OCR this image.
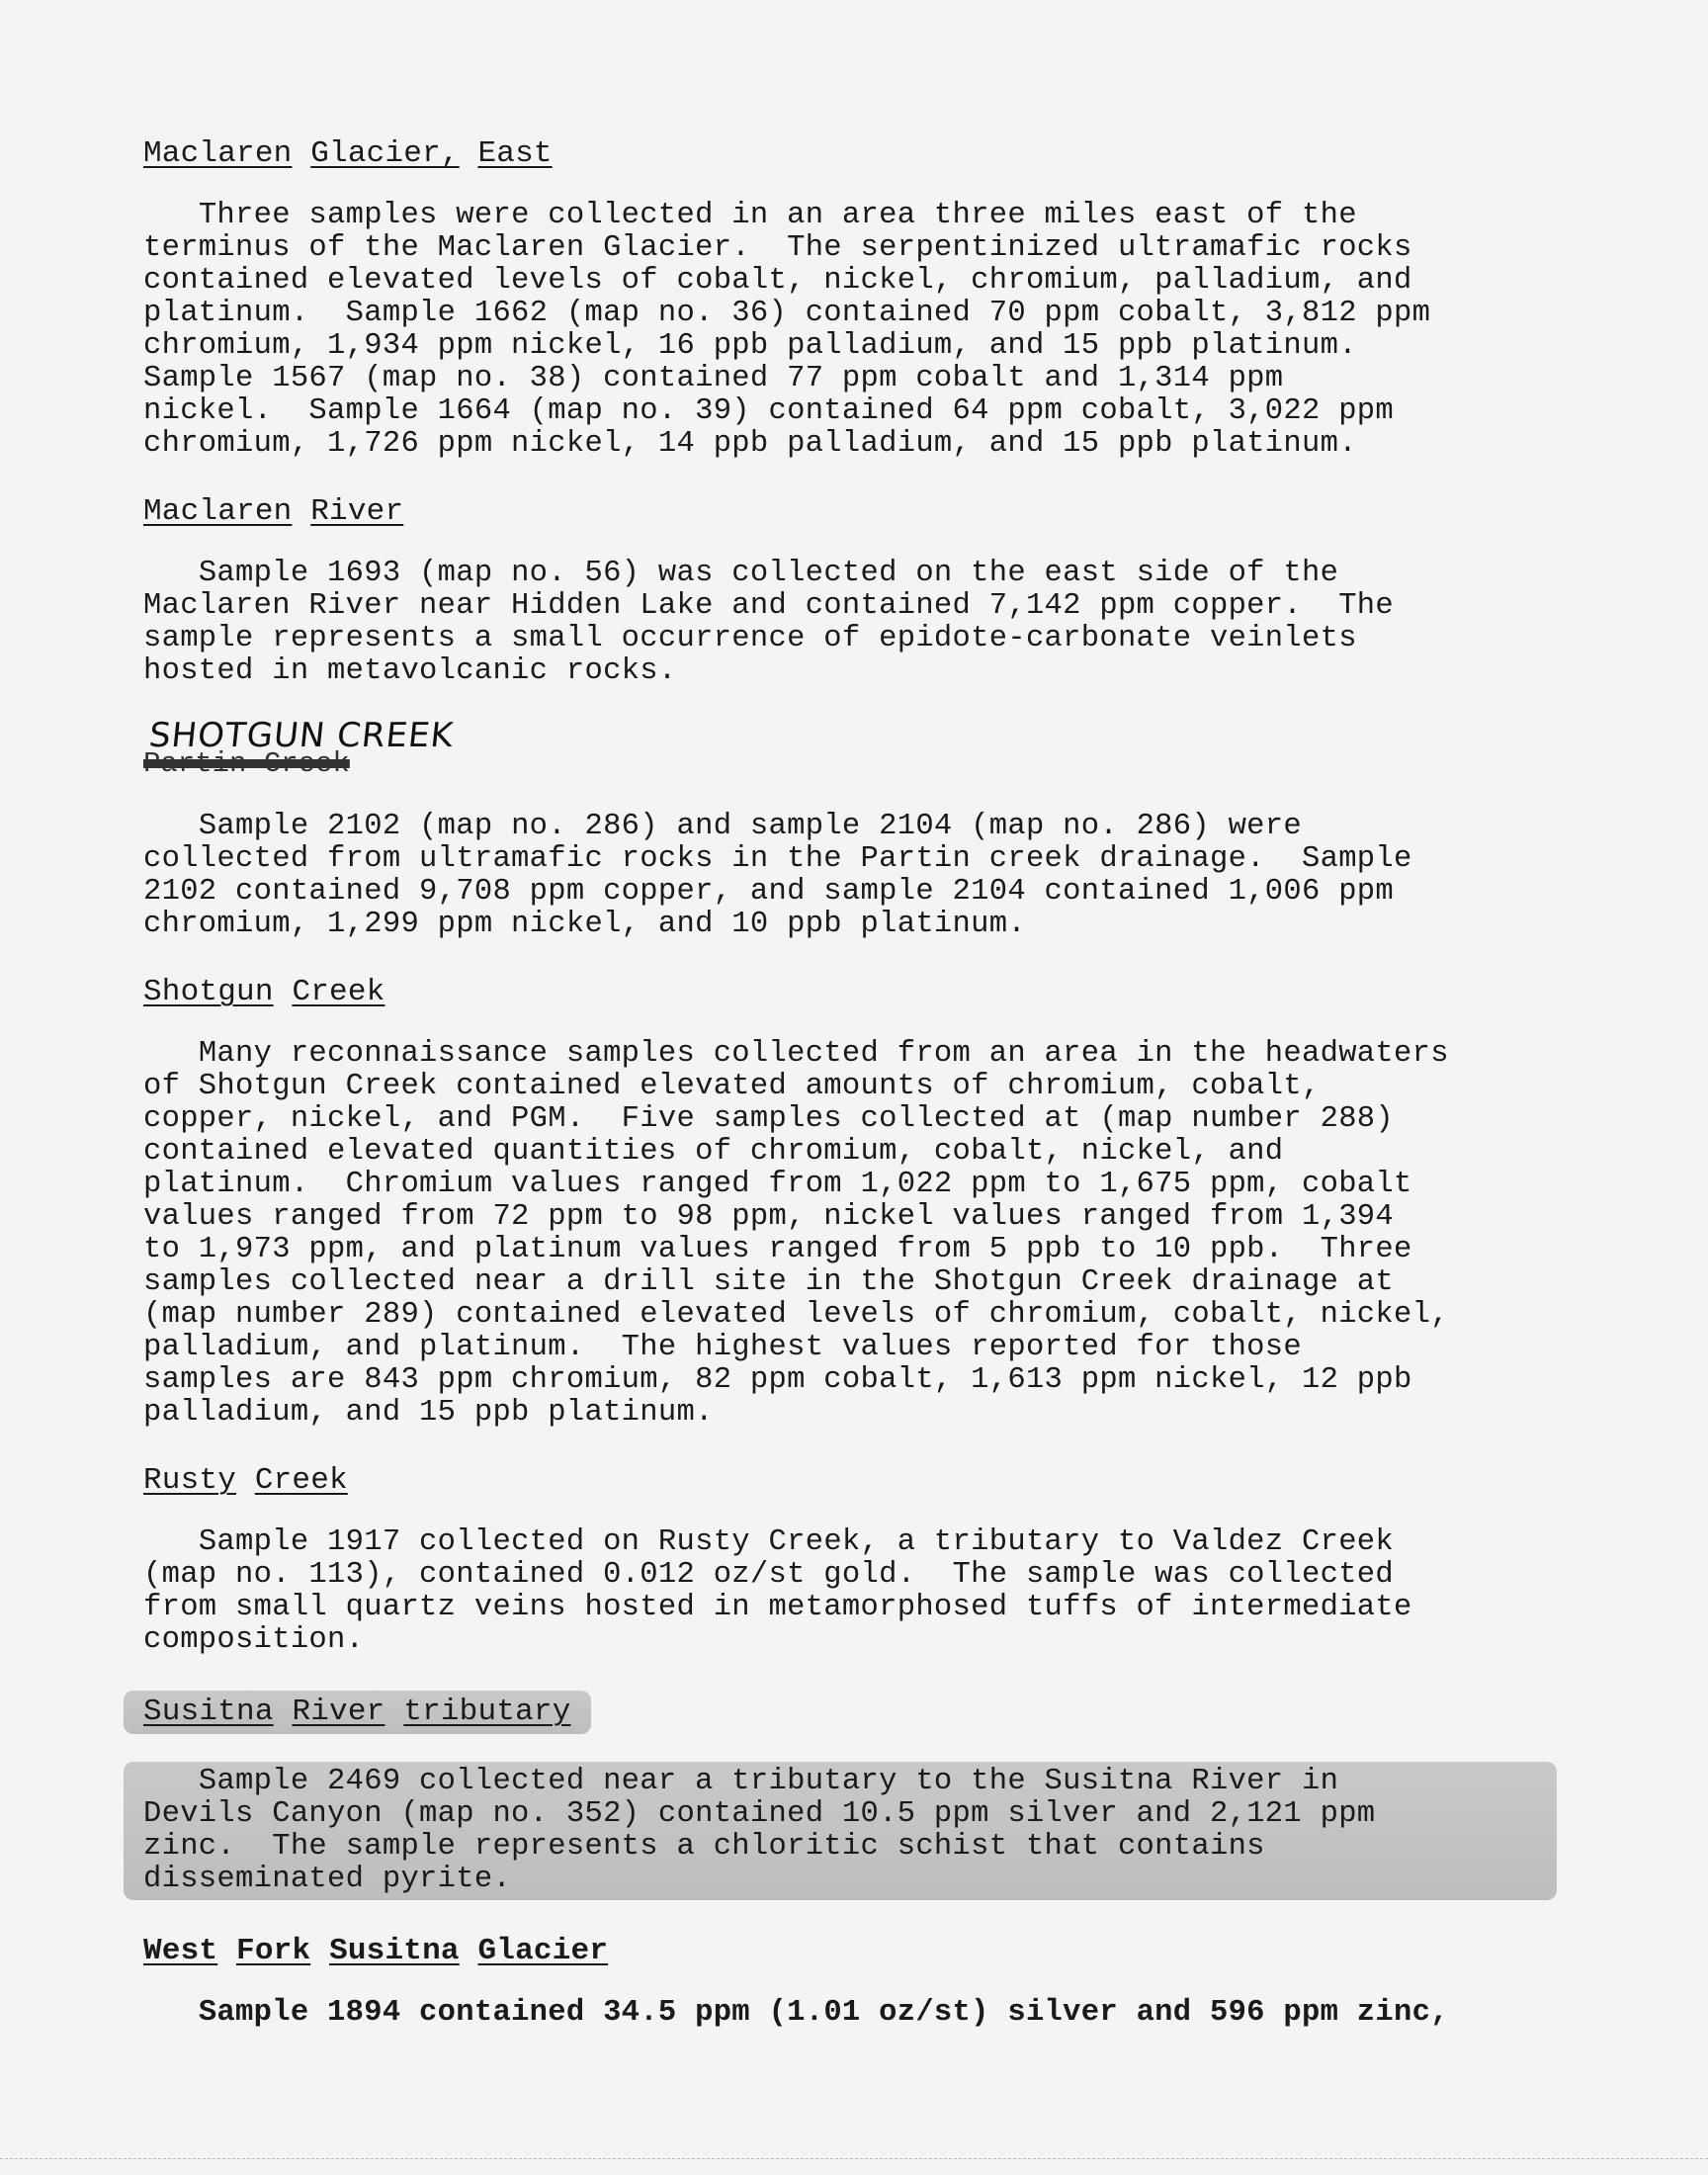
Maclaren Glacier, East

Three samples were collected in an area three miles east of the
terminus of the Maclaren Glacier.  The serpentinized ultramafic rocks
contained elevated levels of cobalt, nickel, chromium, palladium, and
platinum.  Sample 1662 (map no. 36) contained 70 ppm cobalt, 3,812 ppm
chromium, 1,934 ppm nickel, 16 ppb palladium, and 15 ppb platinum.
Sample 1567 (map no. 38) contained 77 ppm cobalt and 1,314 ppm
nickel.  Sample 1664 (map no. 39) contained 64 ppm cobalt, 3,022 ppm
chromium, 1,726 ppm nickel, 14 ppb palladium, and 15 ppb platinum.

Maclaren River

Sample 1693 (map no. 56) was collected on the east side of the
Maclaren River near Hidden Lake and contained 7,142 ppm copper.  The
sample represents a small occurrence of epidote-carbonate veinlets
hosted in metavolcanic rocks.

SHOTGUN CREEK
Partin Creek

Sample 2102 (map no. 286) and sample 2104 (map no. 286) were
collected from ultramafic rocks in the Partin creek drainage.  Sample
2102 contained 9,708 ppm copper, and sample 2104 contained 1,006 ppm
chromium, 1,299 ppm nickel, and 10 ppb platinum.

Shotgun Creek

Many reconnaissance samples collected from an area in the headwaters
of Shotgun Creek contained elevated amounts of chromium, cobalt,
copper, nickel, and PGM.  Five samples collected at (map number 288)
contained elevated quantities of chromium, cobalt, nickel, and
platinum.  Chromium values ranged from 1,022 ppm to 1,675 ppm, cobalt
values ranged from 72 ppm to 98 ppm, nickel values ranged from 1,394
to 1,973 ppm, and platinum values ranged from 5 ppb to 10 ppb.  Three
samples collected near a drill site in the Shotgun Creek drainage at
(map number 289) contained elevated levels of chromium, cobalt, nickel,
palladium, and platinum.  The highest values reported for those
samples are 843 ppm chromium, 82 ppm cobalt, 1,613 ppm nickel, 12 ppb
palladium, and 15 ppb platinum.

Rusty Creek

Sample 1917 collected on Rusty Creek, a tributary to Valdez Creek
(map no. 113), contained 0.012 oz/st gold.  The sample was collected
from small quartz veins hosted in metamorphosed tuffs of intermediate
composition.

Susitna River tributary

Sample 2469 collected near a tributary to the Susitna River in
Devils Canyon (map no. 352) contained 10.5 ppm silver and 2,121 ppm
zinc.  The sample represents a chloritic schist that contains
disseminated pyrite.

West Fork Susitna Glacier

Sample 1894 contained 34.5 ppm (1.01 oz/st) silver and 596 ppm zinc,
